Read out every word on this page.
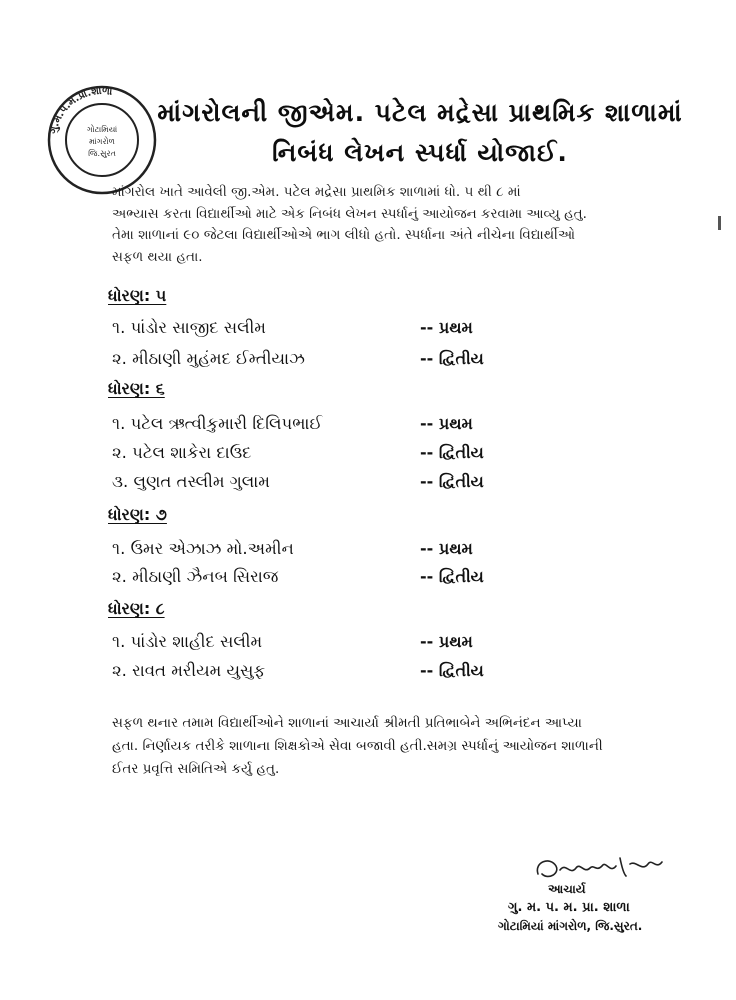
ગુ.મ.પ.મ.પ્રા.શાળા
ગોટામિયાં
માંગરોળ
જિ.સુરત
માંગરોલની જીએમ. પટેલ મદ્રેસા પ્રાથમિક શાળામાં
નિબંધ લેખન સ્પર્ધા યોજાઈ.

માંગરોલ ખાતે આવેલી જી.એમ. પટેલ મદ્રેસા પ્રાથમિક શાળામાં ધો. ૫ થી ૮ માં

અભ્યાસ કરતા વિદ્યાર્થીઓ માટે એક નિબંધ લેખન સ્પર્ધાનું આયોજન કરવામા આવ્યુ હતુ.

તેમા શાળાનાં ૯૦ જેટલા વિદ્યાર્થીઓએ ભાગ લીધો હતો. સ્પર્ધાના અંતે નીચેના વિદ્યાર્થીઓ

સફળ થયા હતા.

ધોરણ: ૫
૧. પાંડોર સાજીદ સલીમ	-- પ્રથમ
૨. મીઠાણી મુહંમદ ઈમ્તીયાઝ	-- દ્વિતીય
ધોરણ: ૬
૧. પટેલ ઋત્વીકુમારી દિલિપભાઈ	-- પ્રથમ
૨. પટેલ શાકેરા દાઉદ	-- દ્વિતીય
૩. લુણત તસ્લીમ ગુલામ	-- દ્વિતીય
ધોરણ: ૭
૧. ઉમર એઝાઝ મો.અમીન	-- પ્રથમ
૨. મીઠાણી ઝૈનબ સિરાજ	-- દ્વિતીય
ધોરણ: ૮
૧. પાંડોર શાહીદ સલીમ	-- પ્રથમ
૨. રાવત મરીયમ યુસુફ	-- દ્વિતીય

સફળ થનાર તમામ વિદ્યાર્થીઓને શાળાનાં આચાર્યા શ્રીમતી પ્રતિભાબેને અભિનંદન આપ્યા

હતા. નિર્ણાયક તરીકે શાળાના શિક્ષકોએ સેવા બજાવી હતી.સમગ્ર સ્પર્ધાનું આયોજન શાળાની

ઈતર પ્રવૃત્તિ સમિતિએ કર્યુ હતુ.

આચાર્ય
ગુ. મ. પ. મ. પ્રા. શાળા
ગોટામિયાં માંગરોળ, જિ.સુરત.
